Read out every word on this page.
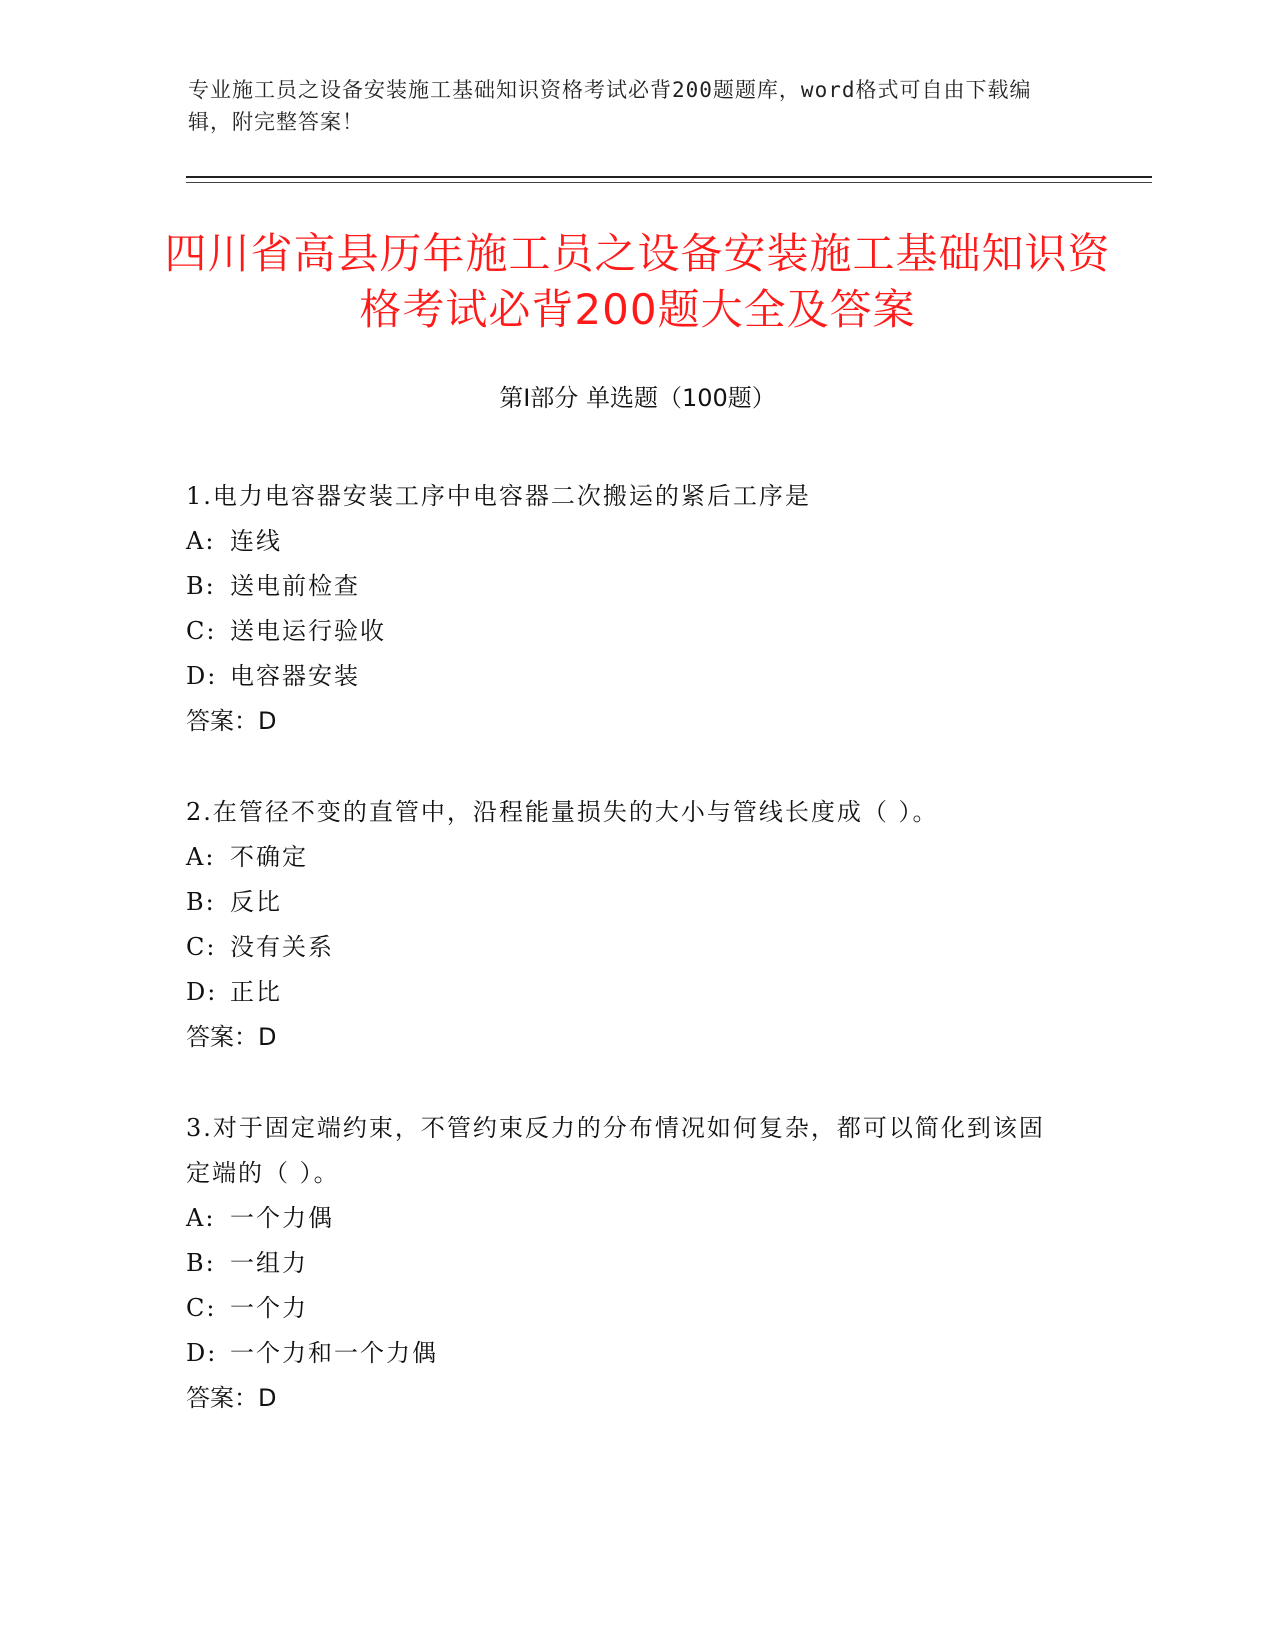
专业施工员之设备安装施工基础知识资格考试必背200题题库，word格式可自由下载编辑，附完整答案！
四川省高县历年施工员之设备安装施工基础知识资格考试必背200题大全及答案
第Ⅰ部分 单选题（100题）

1.电力电容器安装工序中电容器二次搬运的紧后工序是

A: 连线

B: 送电前检查

C: 送电运行验收

D: 电容器安装

答案：D

2.在管径不变的直管中，沿程能量损失的大小与管线长度成（ ）。

A: 不确定

B: 反比

C: 没有关系

D: 正比

答案：D

3.对于固定端约束，不管约束反力的分布情况如何复杂，都可以简化到该固定端的（ ）。

A: 一个力偶

B: 一组力

C: 一个力

D: 一个力和一个力偶

答案：D
